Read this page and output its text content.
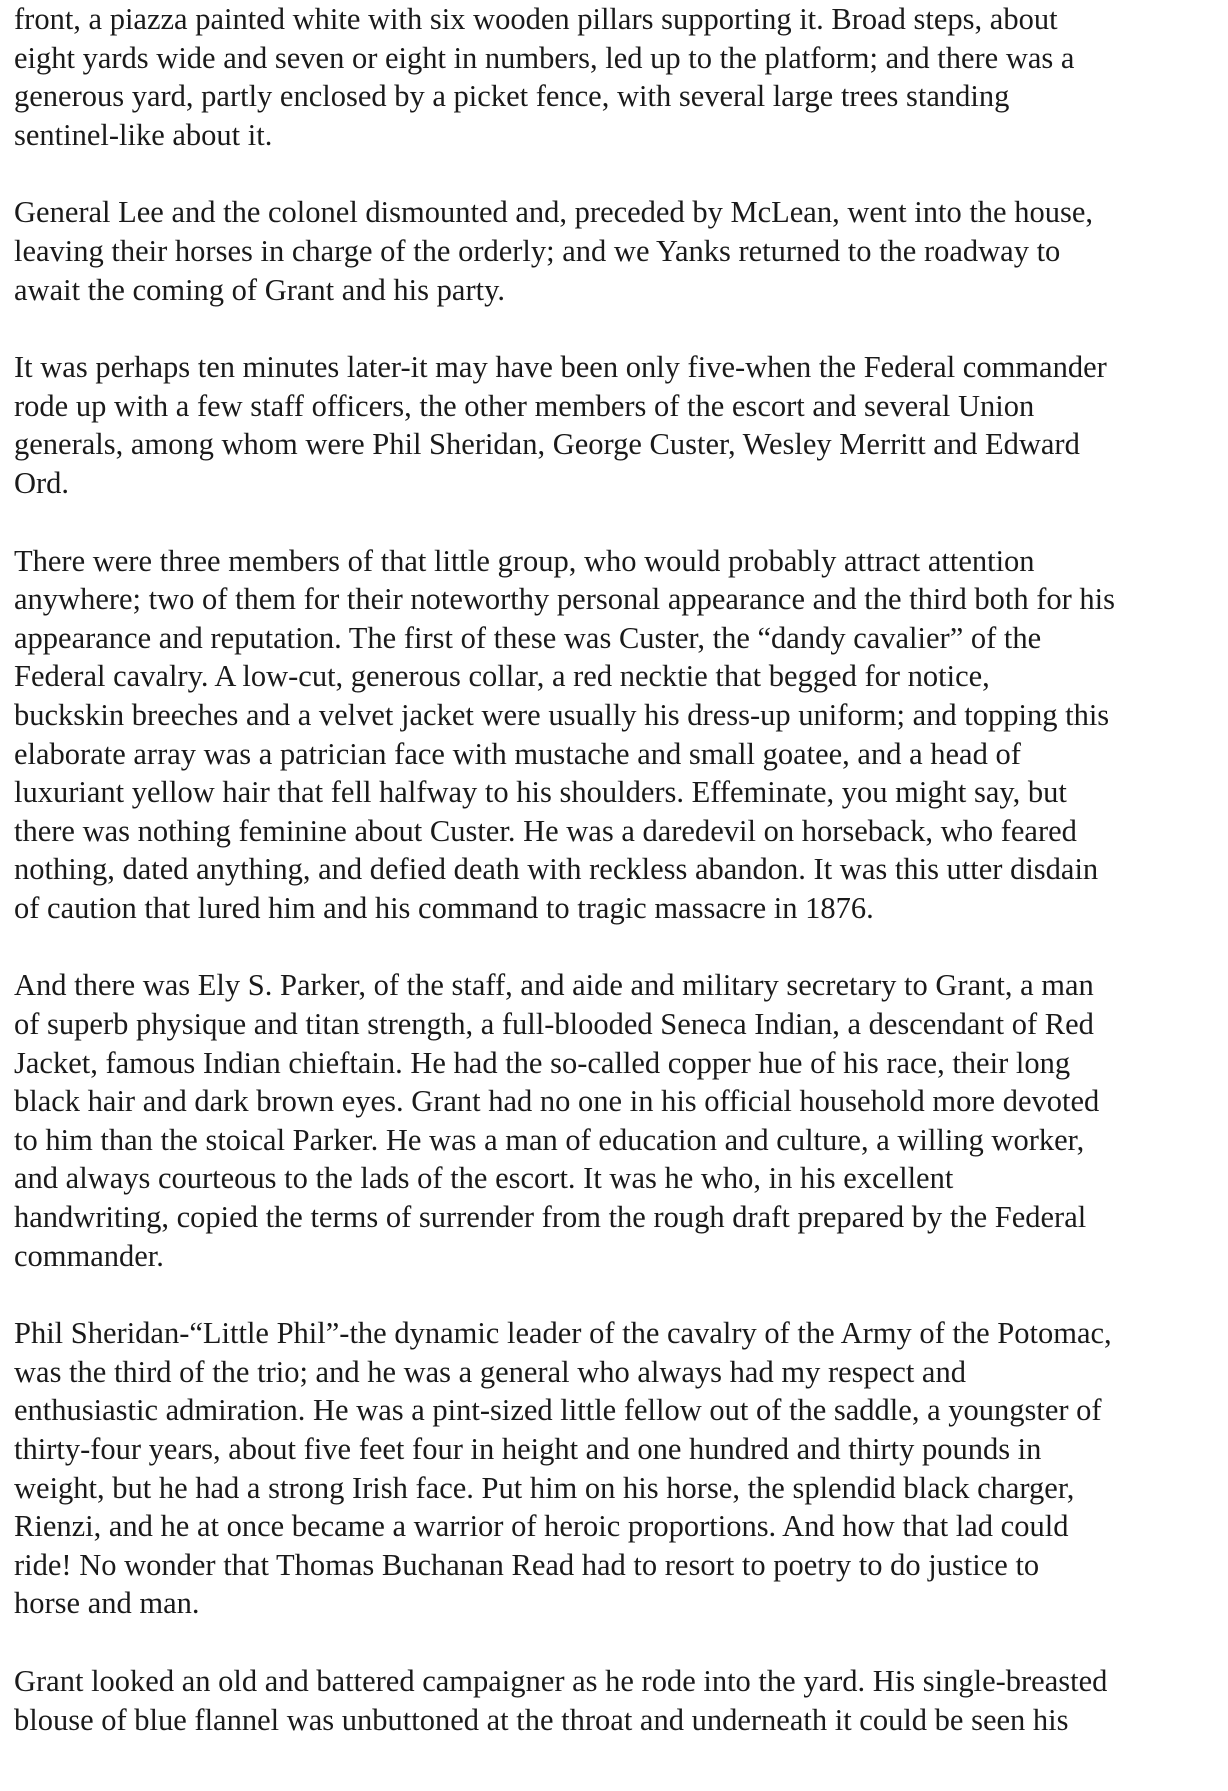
front, a piazza painted white with six wooden pillars supporting it. Broad steps, about
eight yards wide and seven or eight in numbers, led up to the platform; and there was a
generous yard, partly enclosed by a picket fence, with several large trees standing
sentinel-like about it.

General Lee and the colonel dismounted and, preceded by McLean, went into the house,
leaving their horses in charge of the orderly; and we Yanks returned to the roadway to
await the coming of Grant and his party.

It was perhaps ten minutes later-it may have been only five-when the Federal commander
rode up with a few staff officers, the other members of the escort and several Union
generals, among whom were Phil Sheridan, George Custer, Wesley Merritt and Edward
Ord.

There were three members of that little group, who would probably attract attention
anywhere; two of them for their noteworthy personal appearance and the third both for his
appearance and reputation. The first of these was Custer, the “dandy cavalier” of the
Federal cavalry. A low-cut, generous collar, a red necktie that begged for notice,
buckskin breeches and a velvet jacket were usually his dress-up uniform; and topping this
elaborate array was a patrician face with mustache and small goatee, and a head of
luxuriant yellow hair that fell halfway to his shoulders. Effeminate, you might say, but
there was nothing feminine about Custer. He was a daredevil on horseback, who feared
nothing, dated anything, and defied death with reckless abandon. It was this utter disdain
of caution that lured him and his command to tragic massacre in 1876.

And there was Ely S. Parker, of the staff, and aide and military secretary to Grant, a man
of superb physique and titan strength, a full-blooded Seneca Indian, a descendant of Red
Jacket, famous Indian chieftain. He had the so-called copper hue of his race, their long
black hair and dark brown eyes. Grant had no one in his official household more devoted
to him than the stoical Parker. He was a man of education and culture, a willing worker,
and always courteous to the lads of the escort. It was he who, in his excellent
handwriting, copied the terms of surrender from the rough draft prepared by the Federal
commander.

Phil Sheridan-“Little Phil”-the dynamic leader of the cavalry of the Army of the Potomac,
was the third of the trio; and he was a general who always had my respect and
enthusiastic admiration. He was a pint-sized little fellow out of the saddle, a youngster of
thirty-four years, about five feet four in height and one hundred and thirty pounds in
weight, but he had a strong Irish face. Put him on his horse, the splendid black charger,
Rienzi, and he at once became a warrior of heroic proportions. And how that lad could
ride! No wonder that Thomas Buchanan Read had to resort to poetry to do justice to
horse and man.

Grant looked an old and battered campaigner as he rode into the yard. His single-breasted
blouse of blue flannel was unbuttoned at the throat and underneath it could be seen his
